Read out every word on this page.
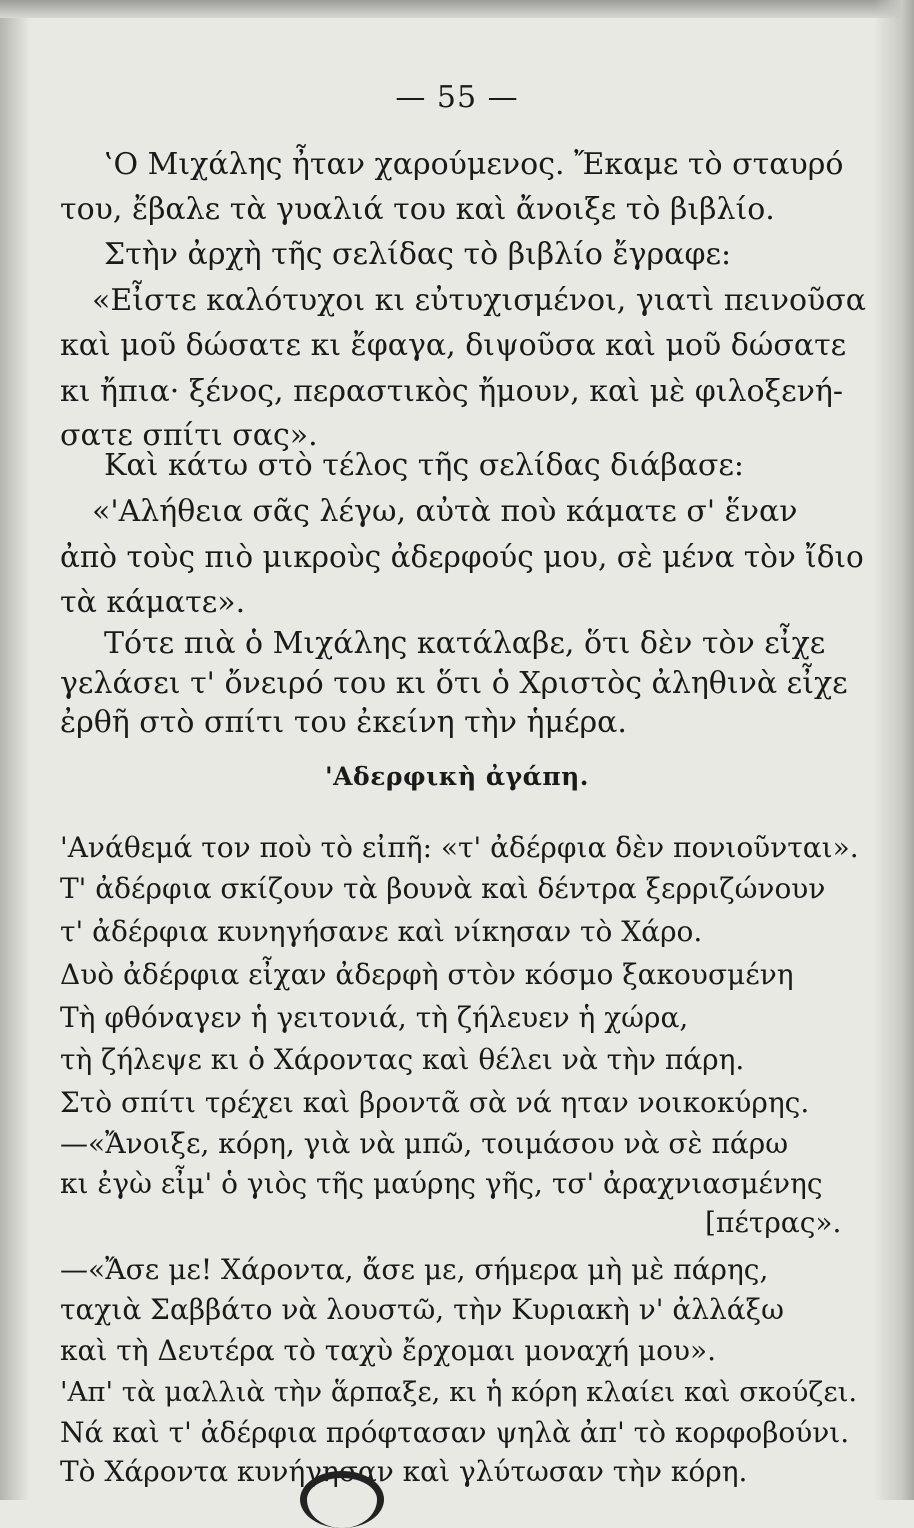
— 55 —
‛Ο Μιχάλης ἦταν χαρούμενος. Ἔκαμε τὸ σταυρό
του, ἔβαλε τὰ γυαλιά του καὶ ἄνοιξε τὸ βιβλίο.
Στὴν ἀρχὴ τῆς σελίδας τὸ βιβλίο ἔγραφε:
«Εἶστε καλότυχοι κι εὐτυχισμένοι, γιατὶ πεινοῦσα
καὶ μοῦ δώσατε κι ἔφαγα, διψοῦσα καὶ μοῦ δώσατε
κι ἤπια· ξένος, περαστικὸς ἤμουν, καὶ μὲ φιλοξενή-
σατε σπίτι σας».
Καὶ κάτω στὸ τέλος τῆς σελίδας διάβασε:
«'Αλήθεια σᾶς λέγω, αὐτὰ ποὺ κάματε σ' ἕναν
ἀπὸ τοὺς πιὸ μικροὺς ἀδερφούς μου, σὲ μένα τὸν ἴδιο
τὰ κάματε».
Τότε πιὰ ὁ Μιχάλης κατάλαβε, ὅτι δὲν τὸν εἶχε
γελάσει τ' ὄνειρό του κι ὅτι ὁ Χριστὸς ἀληθινὰ εἶχε
ἐρθῆ στὸ σπίτι του ἐκείνη τὴν ἡμέρα.
'Αδερφικὴ ἀγάπη.
'Ανάθεμά τον ποὺ τὸ εἰπῆ: «τ' ἀδέρφια δὲν πονιοῦνται».
Τ' ἀδέρφια σκίζουν τὰ βουνὰ καὶ δέντρα ξερριζώνουν
τ' ἀδέρφια κυνηγήσανε καὶ νίκησαν τὸ Χάρο.
Δυὸ ἀδέρφια εἶχαν ἀδερφὴ στὸν κόσμο ξακουσμένη
Τὴ φθόναγεν ἡ γειτονιά, τὴ ζήλευεν ἡ χώρα,
τὴ ζήλεψε κι ὁ Χάροντας καὶ θέλει νὰ τὴν πάρη.
Στὸ σπίτι τρέχει καὶ βροντᾶ σὰ νά ηταν νοικοκύρης.
—«Ἄνοιξε, κόρη, γιὰ νὰ μπῶ, τοιμάσου νὰ σὲ πάρω
κι ἐγὼ εἶμ' ὁ γιὸς τῆς μαύρης γῆς, τσ' ἀραχνιασμένης
[πέτρας».
—«Ἄσε με! Χάροντα, ἄσε με, σήμερα μὴ μὲ πάρης,
ταχιὰ Σαββάτο νὰ λουστῶ, τὴν Κυριακὴ ν' ἀλλάξω
καὶ τὴ Δευτέρα τὸ ταχὺ ἔρχομαι μοναχή μου».
'Απ' τὰ μαλλιὰ τὴν ἅρπαξε, κι ἡ κόρη κλαίει καὶ σκούζει.
Νά καὶ τ' ἀδέρφια πρόφτασαν ψηλὰ ἀπ' τὸ κορφοβούνι.
Τὸ Χάροντα κυνήγησαν καὶ γλύτωσαν τὴν κόρη.
